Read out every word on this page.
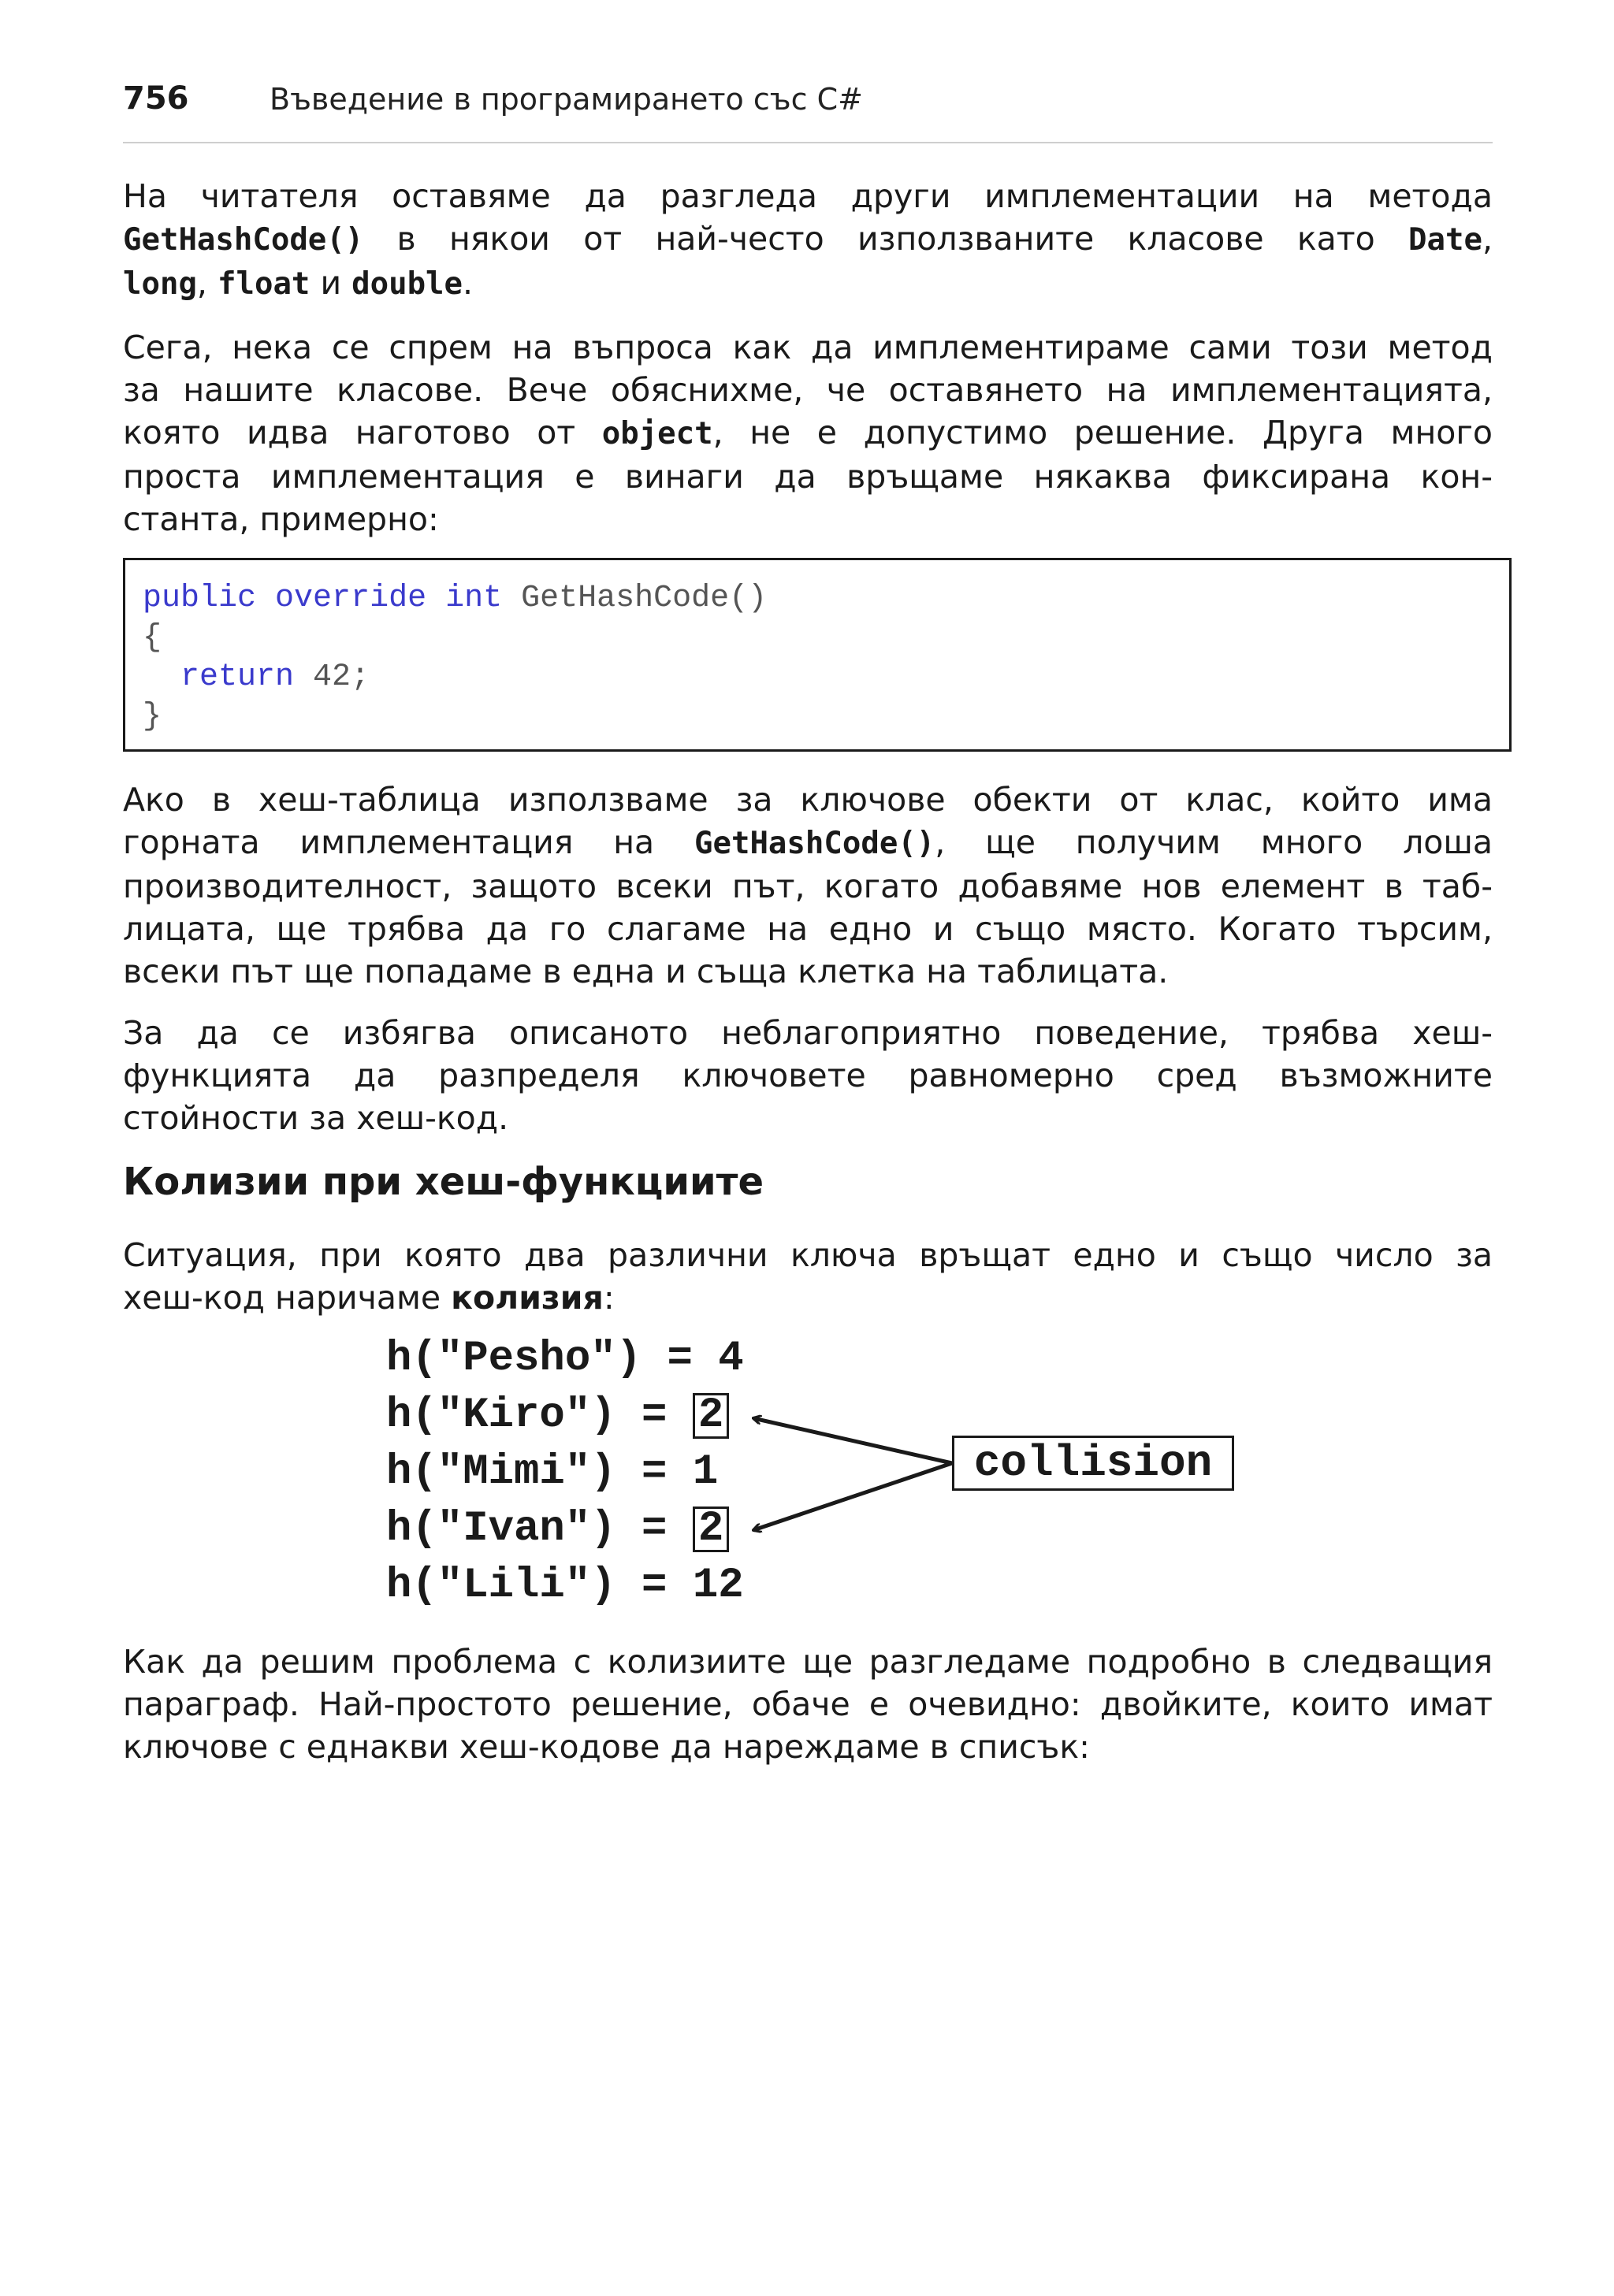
756	Въведение в програмирането със C#
На читателя оставяме да разгледа други имплементации на метода
GetHashCode() в някои от най-често използваните класове като Date,
long, float и double.
Сега, нека се спрем на въпроса как да имплементираме сами този метод
за нашите класове. Вече обяснихме, че оставянето на имплементацията,
която идва наготово от object, не е допустимо решение. Друга много
проста имплементация е винаги да връщаме някаква фиксирана кон-
станта, примерно:
public override int GetHashCode()
{
return 42;
}
Ако в хеш-таблица използваме за ключове обекти от клас, който има
горната имплементация на GetHashCode(), ще получим много лоша
производителност, защото всеки път, когато добавяме нов елемент в таб-
лицата, ще трябва да го слагаме на едно и също място. Когато търсим,
всеки път ще попадаме в една и съща клетка на таблицата.
За да се избягва описаното неблагоприятно поведение, трябва хеш-
функцията да разпределя ключовете равномерно сред възможните
стойности за хеш-код.
Колизии при хеш-функциите
Ситуация, при която два различни ключа връщат едно и също число за
хеш-код наричаме колизия:
h("Pesho") = 4
h("Kiro") = 2
h("Mimi") = 1
h("Ivan") = 2
h("Lili") = 12
collision
Как да решим проблема с колизиите ще разгледаме подробно в следващия
параграф. Най-простото решение, обаче е очевидно: двойките, които имат
ключове с еднакви хеш-кодове да нареждаме в списък:
